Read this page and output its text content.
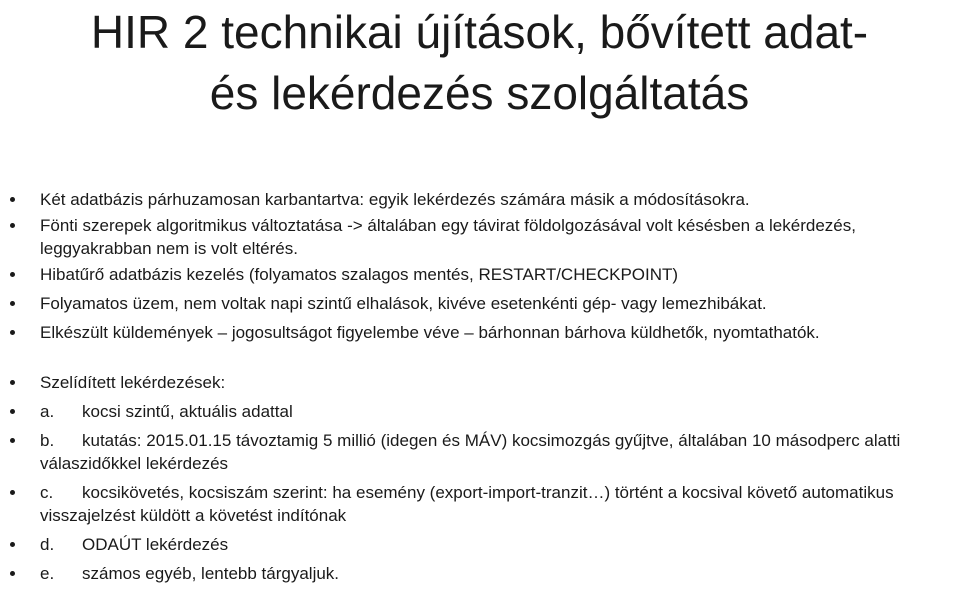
HIR 2 technikai újítások, bővített adat-
és lekérdezés szolgáltatás
Két adatbázis párhuzamosan karbantartva: egyik lekérdezés számára másik a módosításokra.
Fönti szerepek algoritmikus változtatása -> általában egy távirat földolgozásával volt késésben a lekérdezés, leggyakrabban nem is volt eltérés.
Hibatűrő adatbázis kezelés (folyamatos szalagos mentés, RESTART/CHECKPOINT)
Folyamatos üzem, nem voltak napi szintű elhalások, kivéve esetenkénti gép- vagy lemezhibákat.
Elkészült küldemények – jogosultságot figyelembe véve – bárhonnan bárhova küldhetők, nyomtathatók.
Szelídített lekérdezések:
a. kocsi szintű, aktuális adattal
b. kutatás: 2015.01.15 távoztamig 5 millió (idegen és MÁV) kocsimozgás gyűjtve, általában 10 másodperc alatti válaszidőkkel lekérdezés
c. kocsikövetés, kocsiszám szerint: ha esemény (export-import-tranzit…) történt a kocsival követő automatikus visszajelzést küldött a követést indítónak
d. ODAÚT lekérdezés
e. számos egyéb, lentebb tárgyaljuk.
